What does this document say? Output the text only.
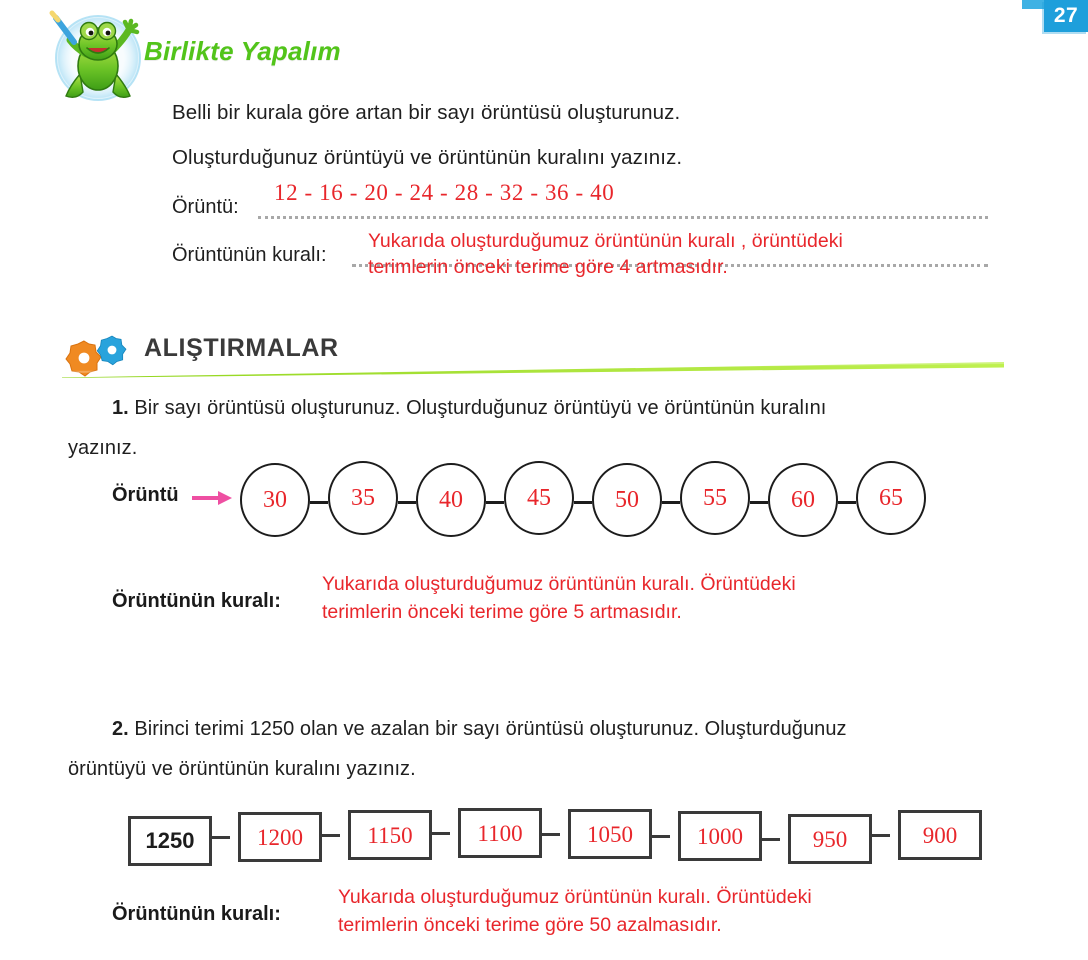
27
Birlikte Yapalım
Belli bir kurala göre artan bir sayı örüntüsü oluşturunuz.
Oluşturduğunuz örüntüyü ve örüntünün kuralını yazınız.
Örüntü:
12 - 16 - 20 - 24 - 28 - 32 - 36 - 40
Örüntünün kuralı:
Yukarıda oluşturduğumuz örüntünün kuralı , örüntüdeki
terimlerin önceki terime göre 4 artmasıdır.
ALIŞTIRMALAR
1. Bir sayı örüntüsü oluşturunuz. Oluşturduğunuz örüntüyü ve örüntünün kuralını
yazınız.
Örüntü	30	35	40	45	50	55	60	65
Örüntünün kuralı:
Yukarıda oluşturduğumuz örüntünün kuralı. Örüntüdeki
terimlerin önceki terime göre 5 artmasıdır.
2. Birinci terimi 1250 olan ve azalan bir sayı örüntüsü oluşturunuz. Oluşturduğunuz
örüntüyü ve örüntünün kuralını yazınız.
1250	1200	1150	1100	1050	1000	950	900
Örüntünün kuralı:
Yukarıda oluşturduğumuz örüntünün kuralı. Örüntüdeki
terimlerin önceki terime göre 50 azalmasıdır.
